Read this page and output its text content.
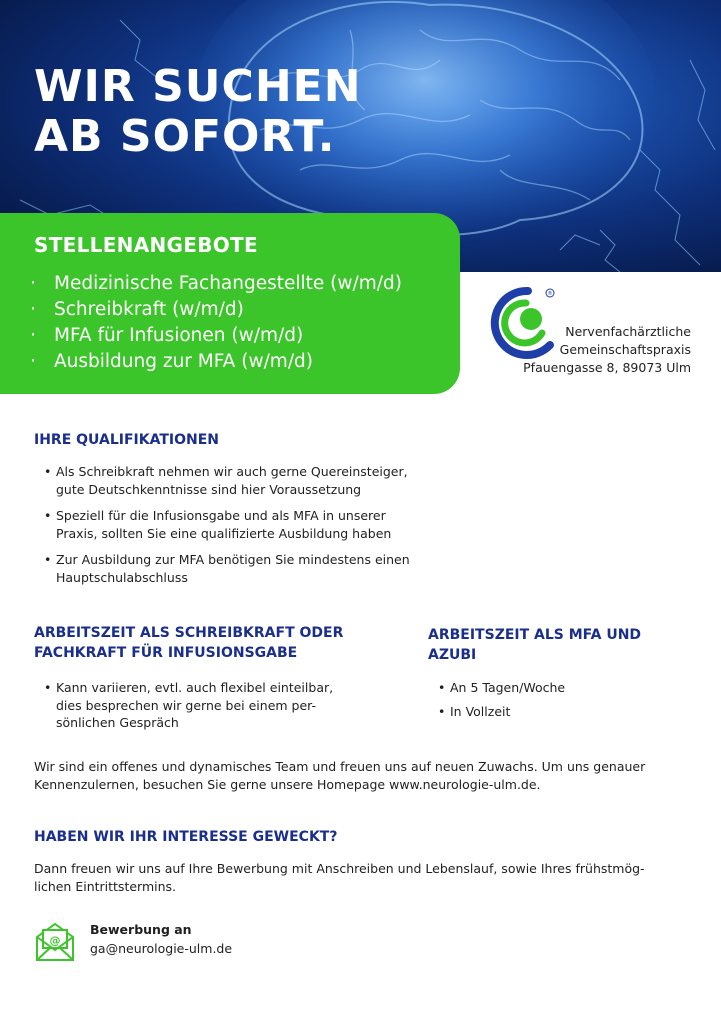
WIR SUCHEN
AB SOFORT.
STELLENANGEBOTE
· Medizinische Fachangestellte (w/m/d)
· Schreibkraft (w/m/d)
· MFA für Infusionen (w/m/d)
· Ausbildung zur MFA (w/m/d)
®
Nervenfachärztliche
Gemeinschaftspraxis
Pfauengasse 8, 89073 Ulm
IHRE QUALIFIKATIONEN
• Als Schreibkraft nehmen wir auch gerne Quereinsteiger,
gute Deutschkenntnisse sind hier Voraussetzung
• Speziell für die Infusionsgabe und als MFA in unserer
Praxis, sollten Sie eine qualifizierte Ausbildung haben
• Zur Ausbildung zur MFA benötigen Sie mindestens einen
Hauptschulabschluss
ARBEITSZEIT ALS SCHREIBKRAFT ODER
FACHKRAFT FÜR INFUSIONSGABE
• Kann variieren, evtl. auch flexibel einteilbar,
dies besprechen wir gerne bei einem per-
sönlichen Gespräch
ARBEITSZEIT ALS MFA UND
AZUBI
• An 5 Tagen/Woche
• In Vollzeit

Wir sind ein offenes und dynamisches Team und freuen uns auf neuen Zuwachs. Um uns genauer
Kennenzulernen, besuchen Sie gerne unsere Homepage www.neurologie-ulm.de.

HABEN WIR IHR INTERESSE GEWECKT?

Dann freuen wir uns auf Ihre Bewerbung mit Anschreiben und Lebenslauf, sowie Ihres frühstmög-
lichen Eintrittstermins.

@
Bewerbung an
ga@neurologie-ulm.de
